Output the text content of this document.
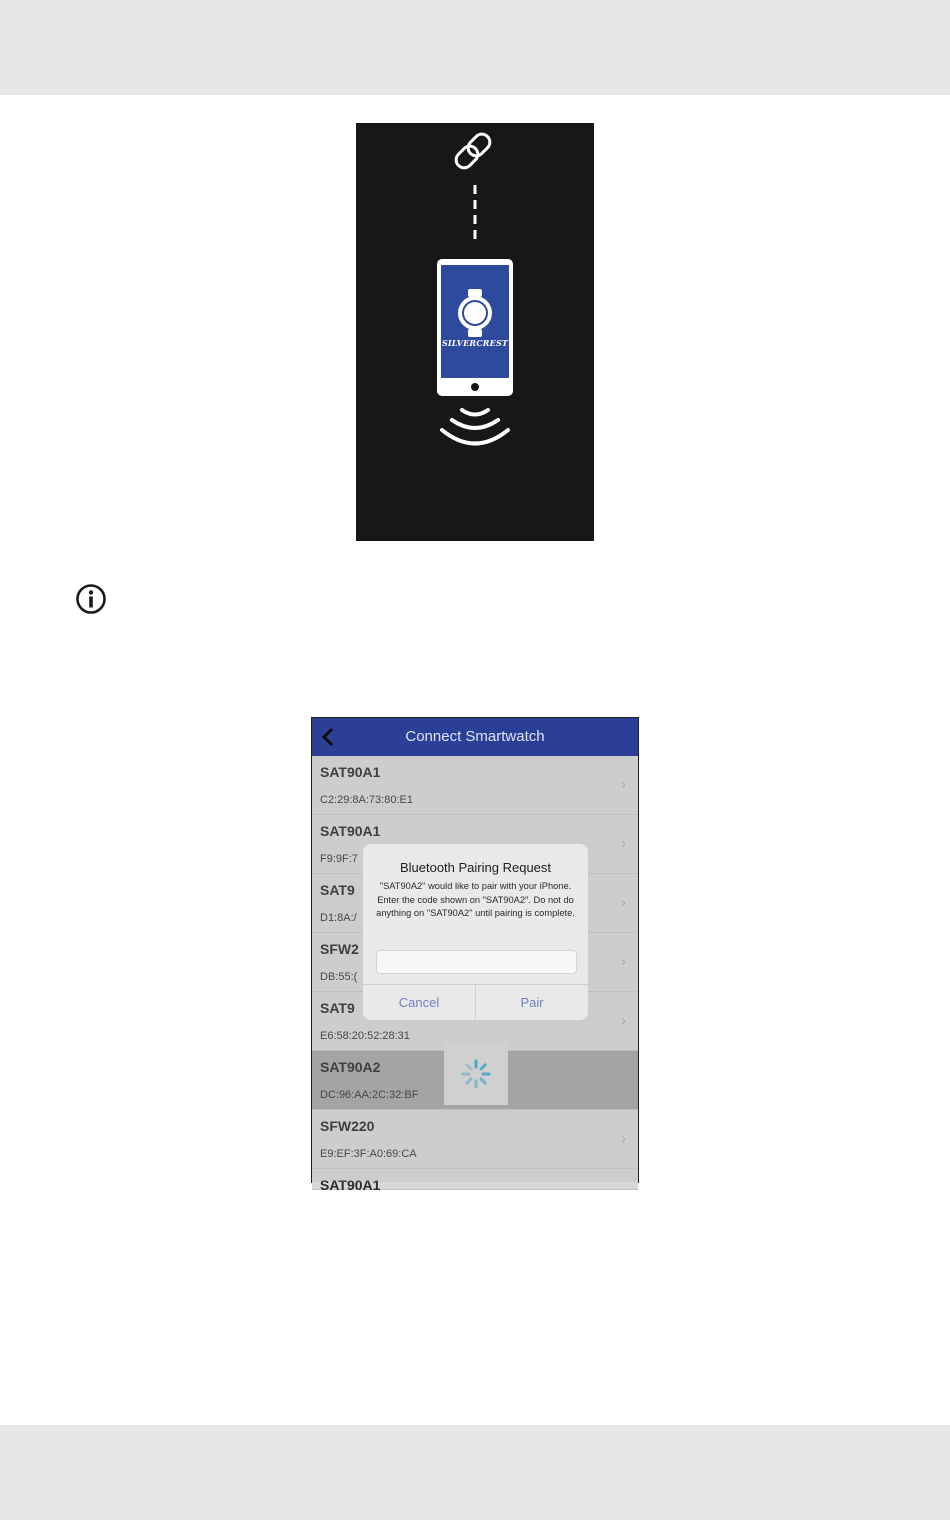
SILVERCREST
Connect Smartwatch
SAT90A1
C2:29:8A:73:80:E1
›
SAT90A1
F9:9F:7
›
SAT9
D1:8A:/
›
SFW2
DB:55:(
›
SAT9
E6:58:20:52:28:31
›
SAT90A2
DC:96:AA:2C:32:BF
›
SFW220
E9:EF:3F:A0:69:CA
›
SAT90A1
Bluetooth Pairing Request
"SAT90A2" would like to pair with your iPhone. Enter the code shown on "SAT90A2". Do not do anything on "SAT90A2" until pairing is complete.
Cancel	Pair
